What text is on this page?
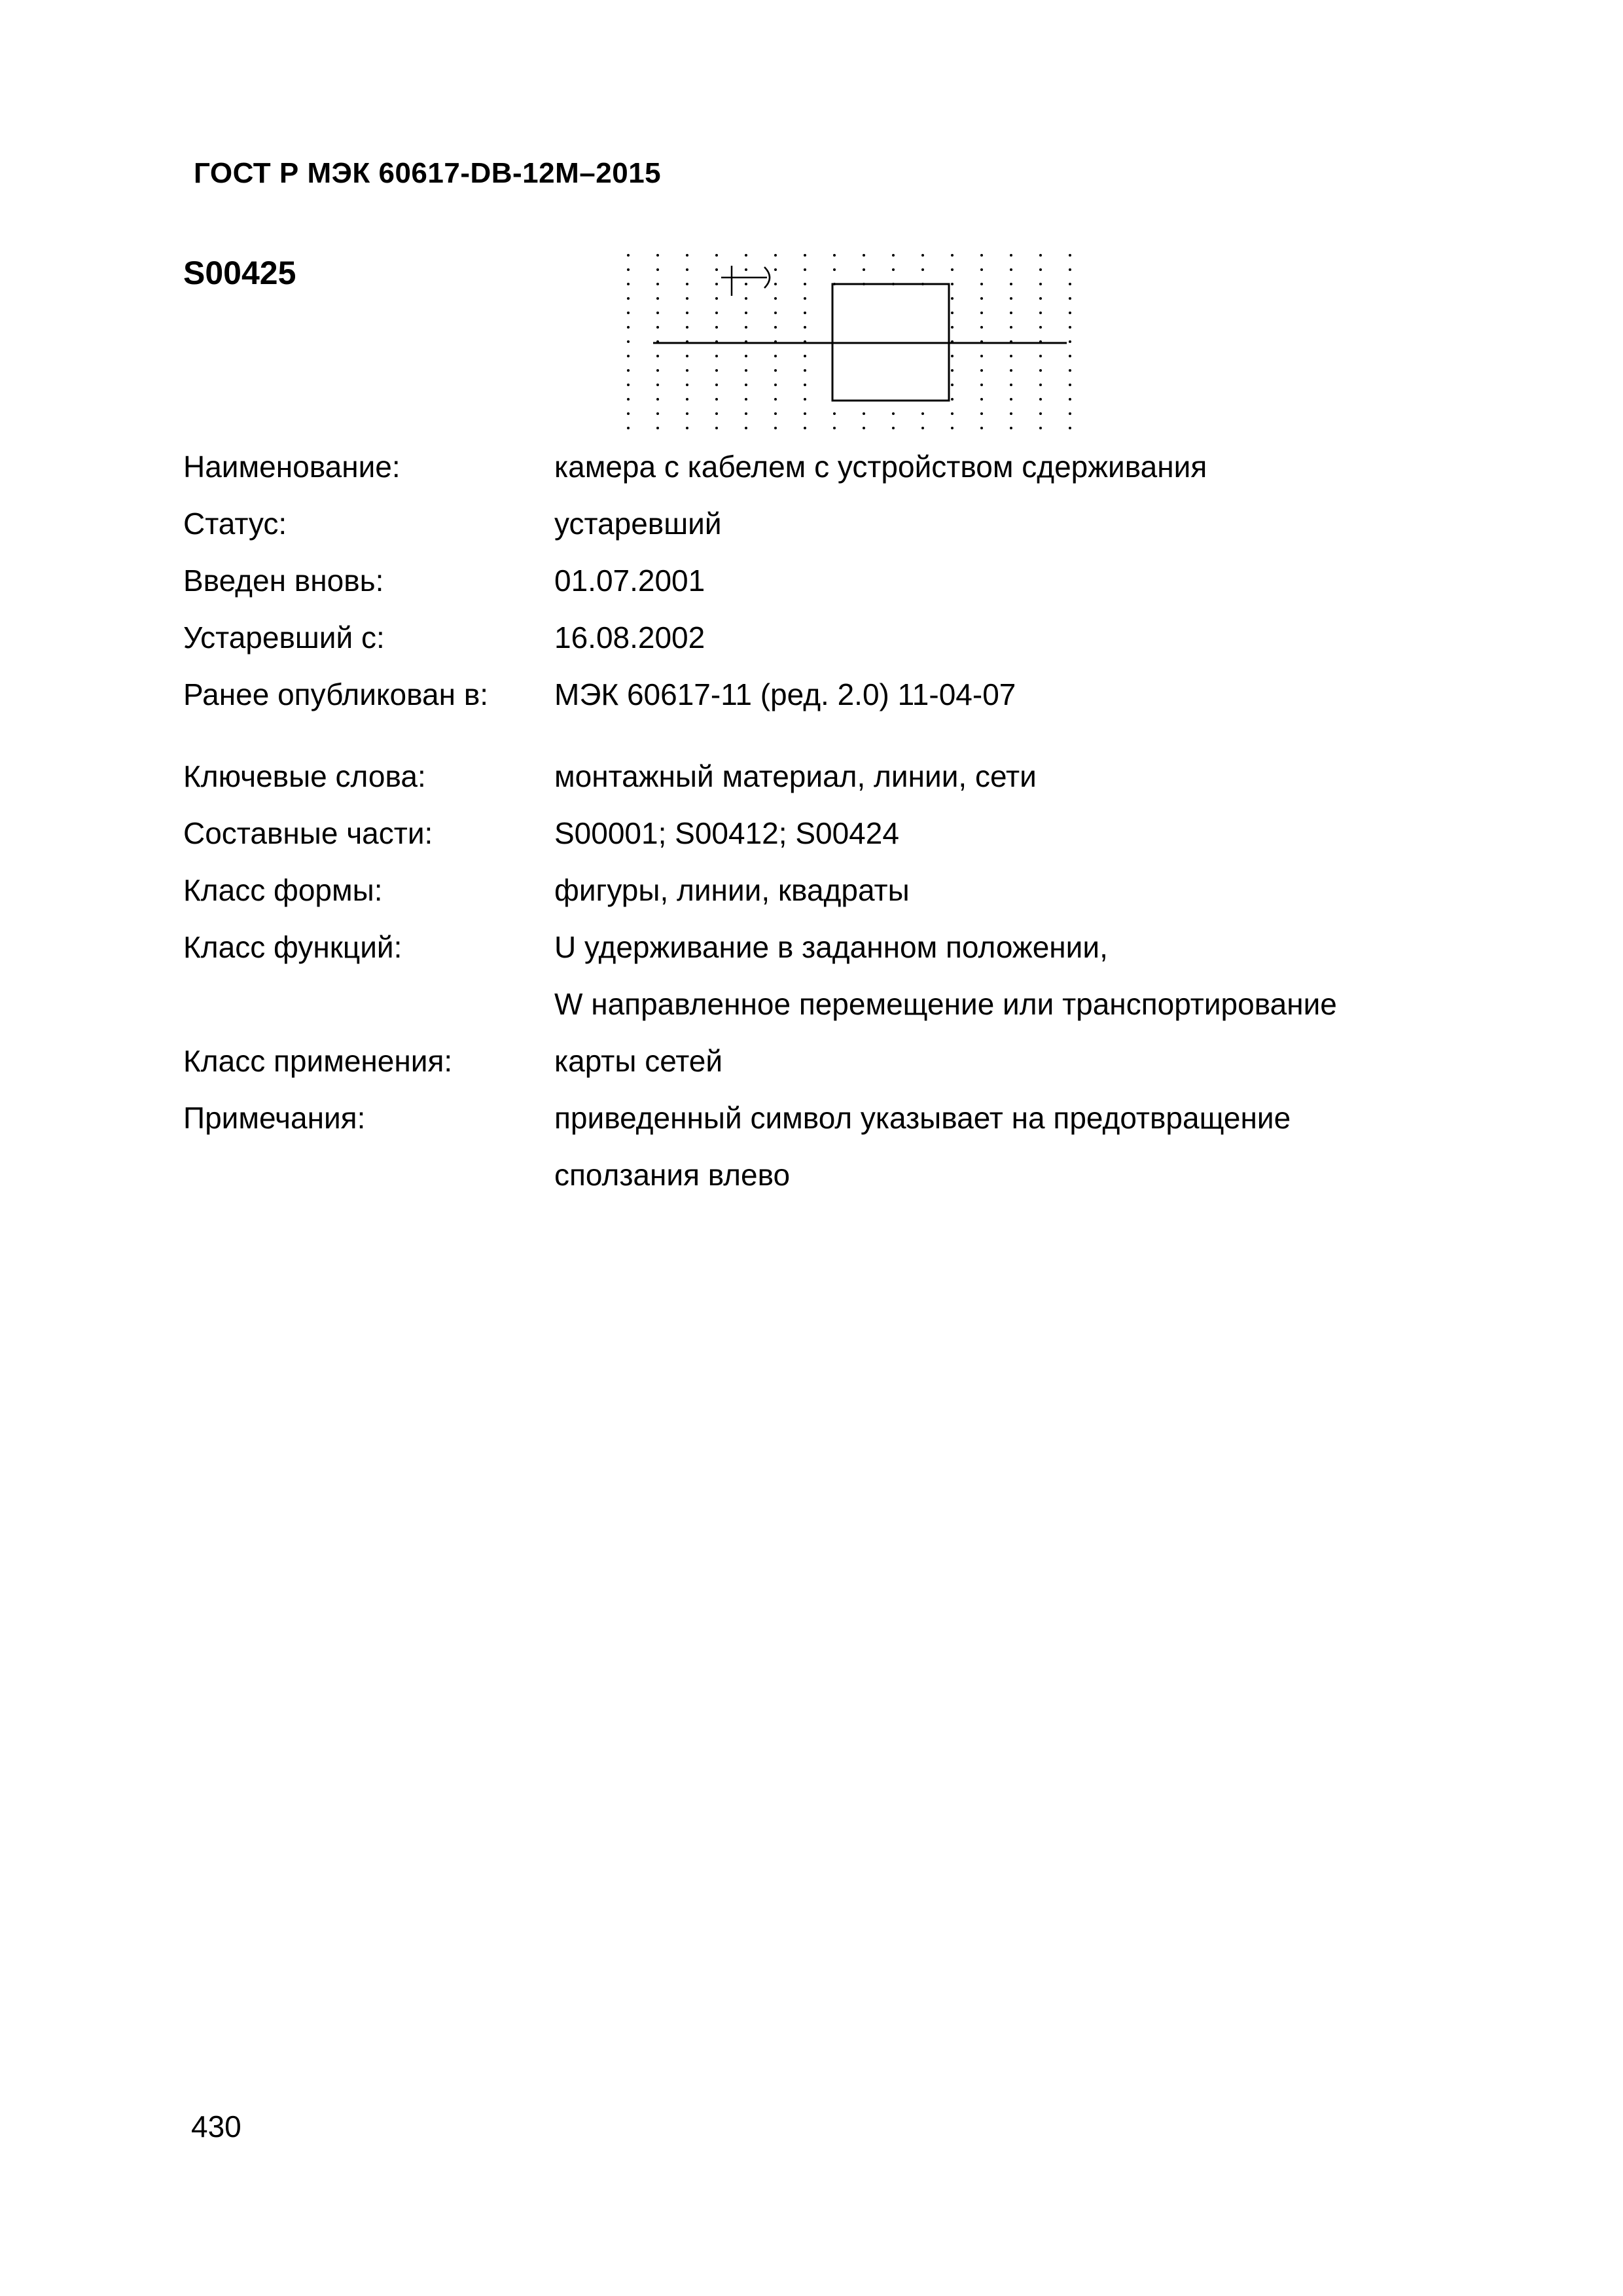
ГОСТ Р МЭК 60617-DB-12M–2015
S00425
Наименование:	камера с кабелем с устройством сдерживания
Статус:	устаревший
Введен вновь:	01.07.2001
Устаревший с:	16.08.2002
Ранее опубликован в:	МЭК 60617-11 (ред. 2.0) 11-04-07
Ключевые слова:	монтажный материал, линии, сети
Составные части:	S00001; S00412; S00424
Класс формы:	фигуры, линии, квадраты
Класс функций:	U удерживание в заданном положении,
W направленное перемещение или транспортирование
Класс применения:	карты сетей
Примечания:	приведенный символ указывает на предотвращение
сползания влево
430
